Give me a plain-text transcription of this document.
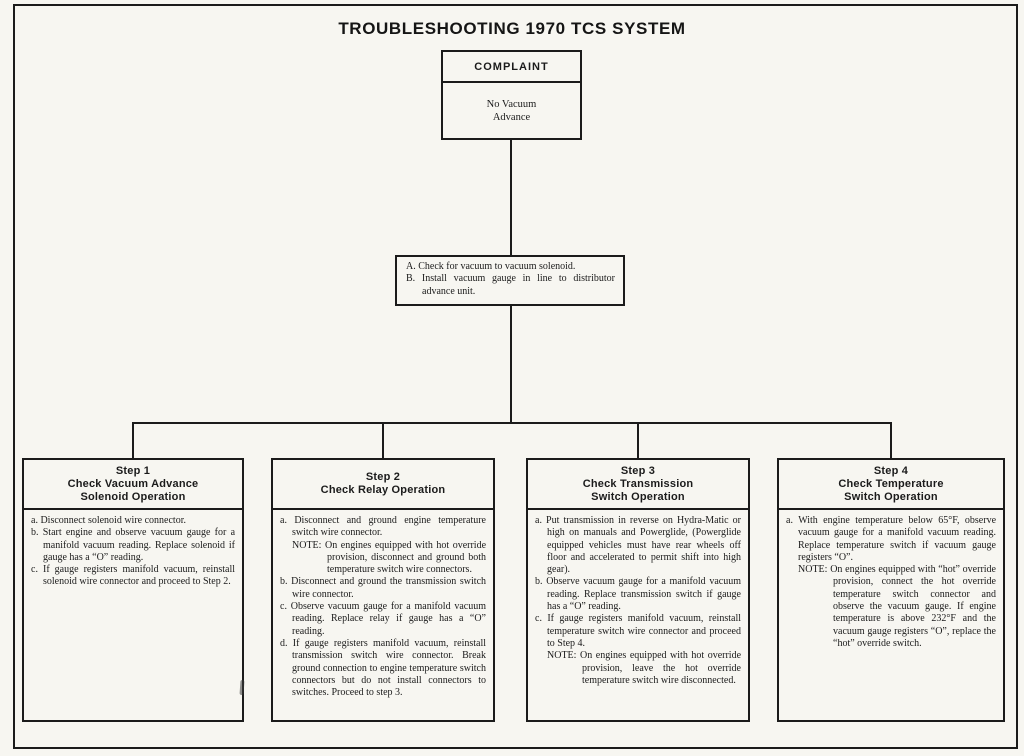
TROUBLESHOOTING 1970 TCS SYSTEM
COMPLAINT
No Vacuum
Advance
A. Check for vacuum to vacuum solenoid.
B. Install vacuum gauge in line to distributor advance unit.
Step 1
Check Vacuum Advance
Solenoid Operation
a. Disconnect solenoid wire connector.
b. Start engine and observe vacuum gauge for a manifold vacuum reading. Replace solenoid if gauge has a “O” reading.
c. If gauge registers manifold vacuum, reinstall solenoid wire connector and proceed to Step 2.
Step 2
Check Relay Operation
a. Disconnect and ground engine temperature switch wire connector.
NOTE: On engines equipped with hot override provision, disconnect and ground both temperature switch wire connectors.
b. Disconnect and ground the transmission switch wire connector.
c. Observe vacuum gauge for a manifold vacuum reading. Replace relay if gauge has a “O” reading.
d. If gauge registers manifold vacuum, reinstall transmission switch wire connector. Break ground connection to engine temperature switch connectors but do not install connectors to switches. Proceed to step 3.
Step 3
Check Transmission
Switch Operation
a. Put transmission in reverse on Hydra-Matic or high on manuals and Powerglide, (Powerglide equipped vehicles must have rear wheels off floor and accelerated to permit shift into high gear).
b. Observe vacuum gauge for a manifold vacuum reading. Replace transmission switch if gauge has a “O” reading.
c. If gauge registers manifold vacuum, reinstall temperature switch wire connector and proceed to Step 4.
NOTE: On engines equipped with hot override provision, leave the hot override temperature switch wire disconnected.
Step 4
Check Temperature
Switch Operation
a. With engine temperature below 65°F, observe vacuum gauge for a manifold vacuum reading. Replace temperature switch if vacuum gauge registers “O”.
NOTE: On engines equipped with “hot” override provision, connect the hot override temperature switch connector and observe the vacuum gauge. If engine temperature is above 232°F and the vacuum gauge registers “O”, replace the “hot” override switch.
